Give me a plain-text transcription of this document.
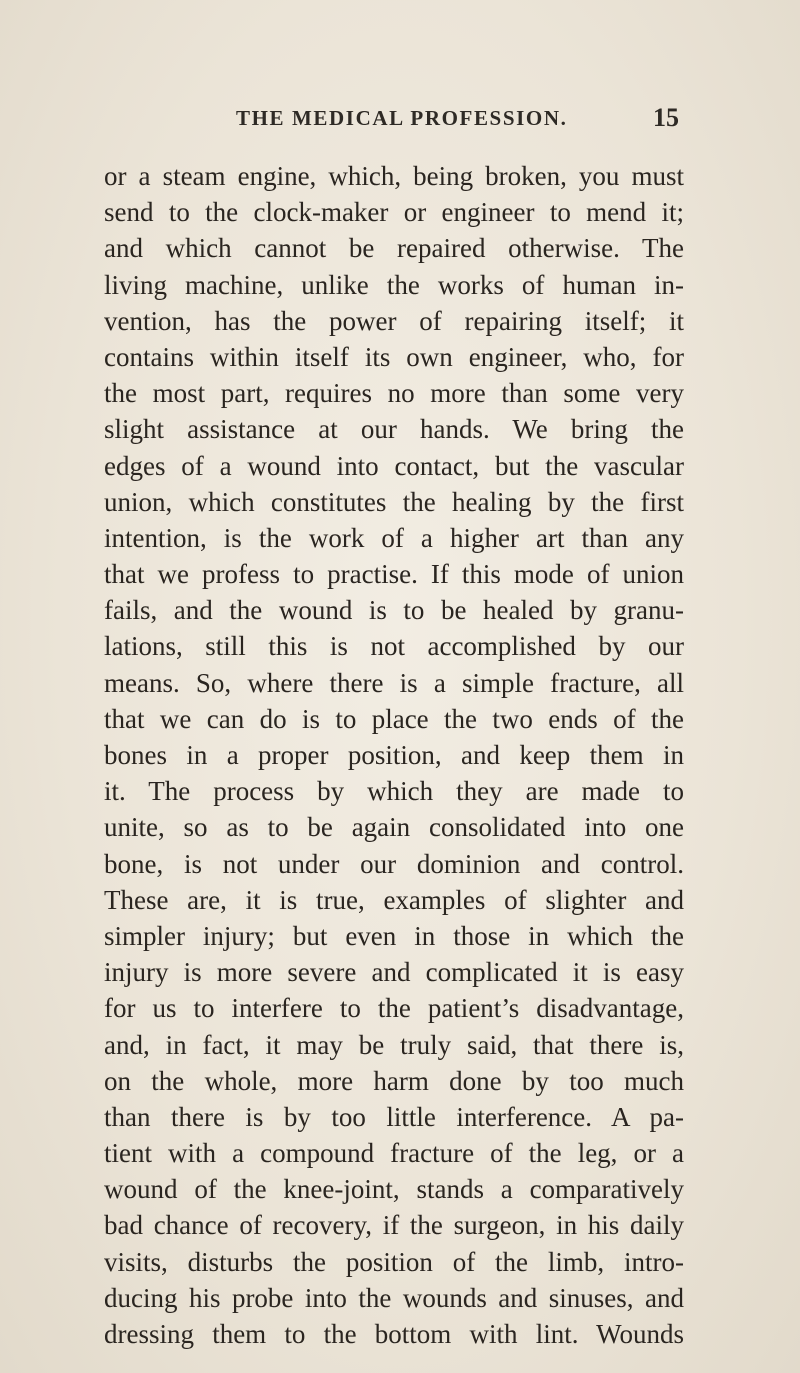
THE MEDICAL PROFESSION.	15
or a steam engine, which, being broken, you must
send to the clock-maker or engineer to mend it;
and which cannot be repaired otherwise. The
living machine, unlike the works of human in-
vention, has the power of repairing itself; it
contains within itself its own engineer, who, for
the most part, requires no more than some very
slight assistance at our hands. We bring the
edges of a wound into contact, but the vascular
union, which constitutes the healing by the first
intention, is the work of a higher art than any
that we profess to practise. If this mode of union
fails, and the wound is to be healed by granu-
lations, still this is not accomplished by our
means. So, where there is a simple fracture, all
that we can do is to place the two ends of the
bones in a proper position, and keep them in
it. The process by which they are made to
unite, so as to be again consolidated into one
bone, is not under our dominion and control.
These are, it is true, examples of slighter and
simpler injury; but even in those in which the
injury is more severe and complicated it is easy
for us to interfere to the patient’s disadvantage,
and, in fact, it may be truly said, that there is,
on the whole, more harm done by too much
than there is by too little interference. A pa-
tient with a compound fracture of the leg, or a
wound of the knee-joint, stands a comparatively
bad chance of recovery, if the surgeon, in his daily
visits, disturbs the position of the limb, intro-
ducing his probe into the wounds and sinuses, and
dressing them to the bottom with lint. Wounds
